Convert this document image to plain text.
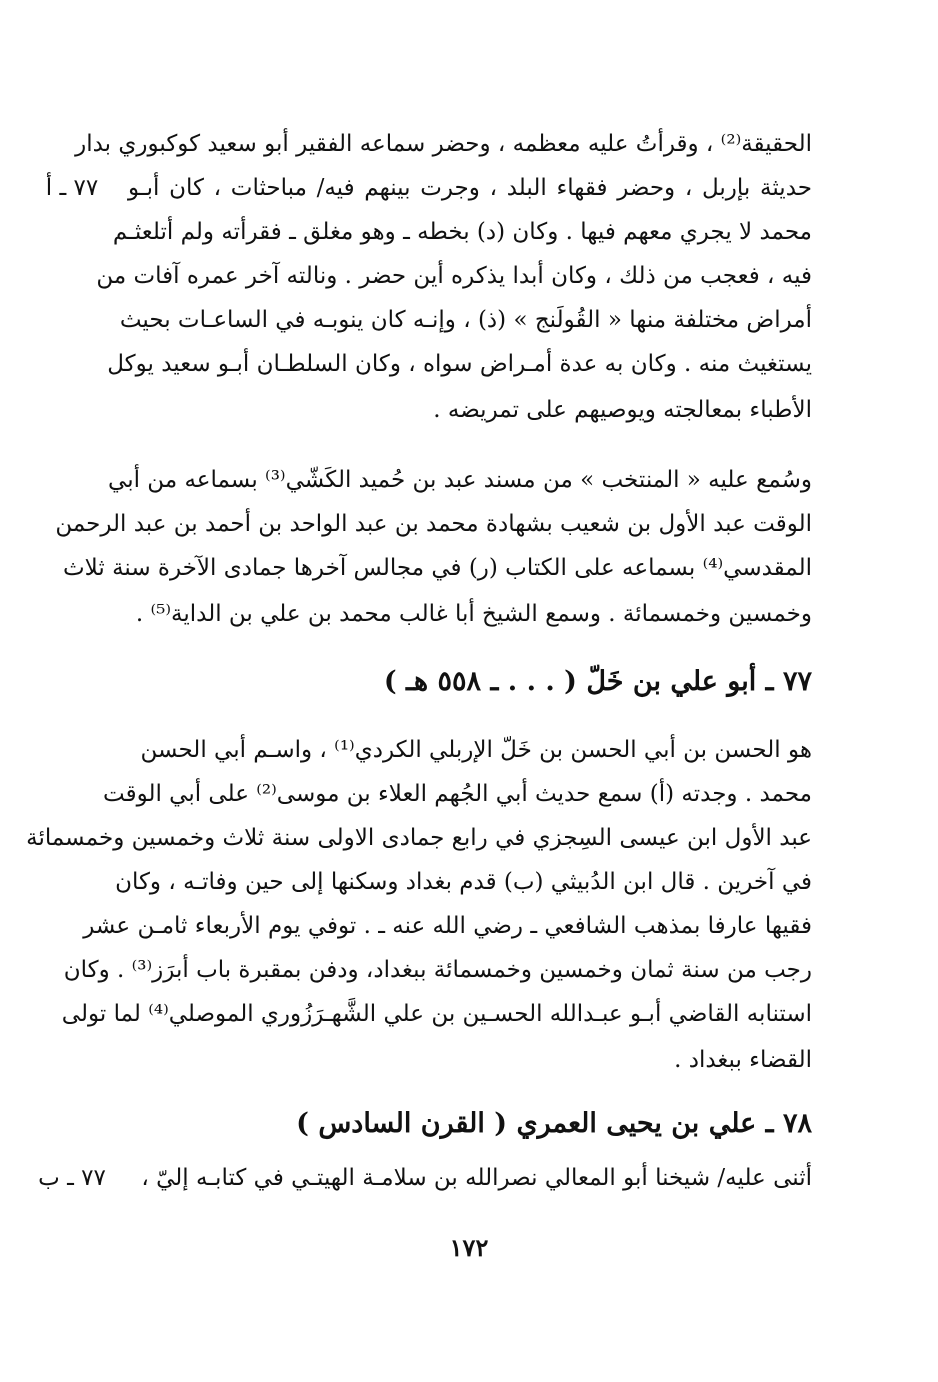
الحقيقة⁽²⁾ ، وقرأتُ عليه معظمه ، وحضر سماعه الفقير أبو سعيد كوكبوري بدار
حديثة بإربل ، وحضر فقهاء البلد ، وجرت بينهم فيه/ مباحثات ، كان أبـو
محمد لا يجري معهم فيها . وكان (د) بخطه ـ وهو مغلق ـ فقرأته ولم أتلعثـم
فيه ، فعجب من ذلك ، وكان أبدا يذكره أين حضر . ونالته آخر عمره آفات من
أمراض مختلفة منها « القُولَنج » (ذ) ، وإنـه كان ينوبـه في الساعـات بحيث
يستغيث منه . وكان به عدة أمـراض سواه ، وكان السلطـان أبـو سعيد يوكل
الأطباء بمعالجته ويوصيهم على تمريضه .
٧٧ ـ أ
وسُمع عليه « المنتخب » من مسند عبد بن حُميد الكَشّي⁽³⁾ بسماعه من أبي
الوقت عبد الأول بن شعيب بشهادة محمد بن عبد الواحد بن أحمد بن عبد الرحمن
المقدسي⁽⁴⁾ بسماعه على الكتاب (ر) في مجالس آخرها جمادى الآخرة سنة ثلاث
وخمسين وخمسمائة . وسمع الشيخ أبا غالب محمد بن علي بن الداية⁽⁵⁾ .
٧٧ ـ أبو علي بن خَلّ ( . . . ـ ٥٥٨ هـ )
هو الحسن بن أبي الحسن بن خَلّ الإربلي الكردي⁽¹⁾ ، واسـم أبي الحسن
محمد . وجدته (أ) سمع حديث أبي الجُهم العلاء بن موسى⁽²⁾ على أبي الوقت
عبد الأول ابن عيسى السِجزي في رابع جمادى الاولى سنة ثلاث وخمسين وخمسمائة
في آخرين . قال ابن الدُبيثي (ب) قدم بغداد وسكنها إلى حين وفاتـه ، وكان
فقيها عارفا بمذهب الشافعي ـ رضي الله عنه ـ . توفي يوم الأربعاء ثامـن عشر
رجب من سنة ثمان وخمسين وخمسمائة ببغداد، ودفن بمقبرة باب أبرَز⁽³⁾ . وكان
استنابه القاضي أبـو عبـدالله الحسـين بن علي الشَّهـرَزُوري الموصلي⁽⁴⁾ لما تولى
القضاء ببغداد .
٧٨ ـ علي بن يحيى العمري ( القرن السادس )
أثنى عليه/ شيخنا أبو المعالي نصرالله بن سلامـة الهيتـي في كتابـه إليّ ،
٧٧ ـ ب
١٧٢
